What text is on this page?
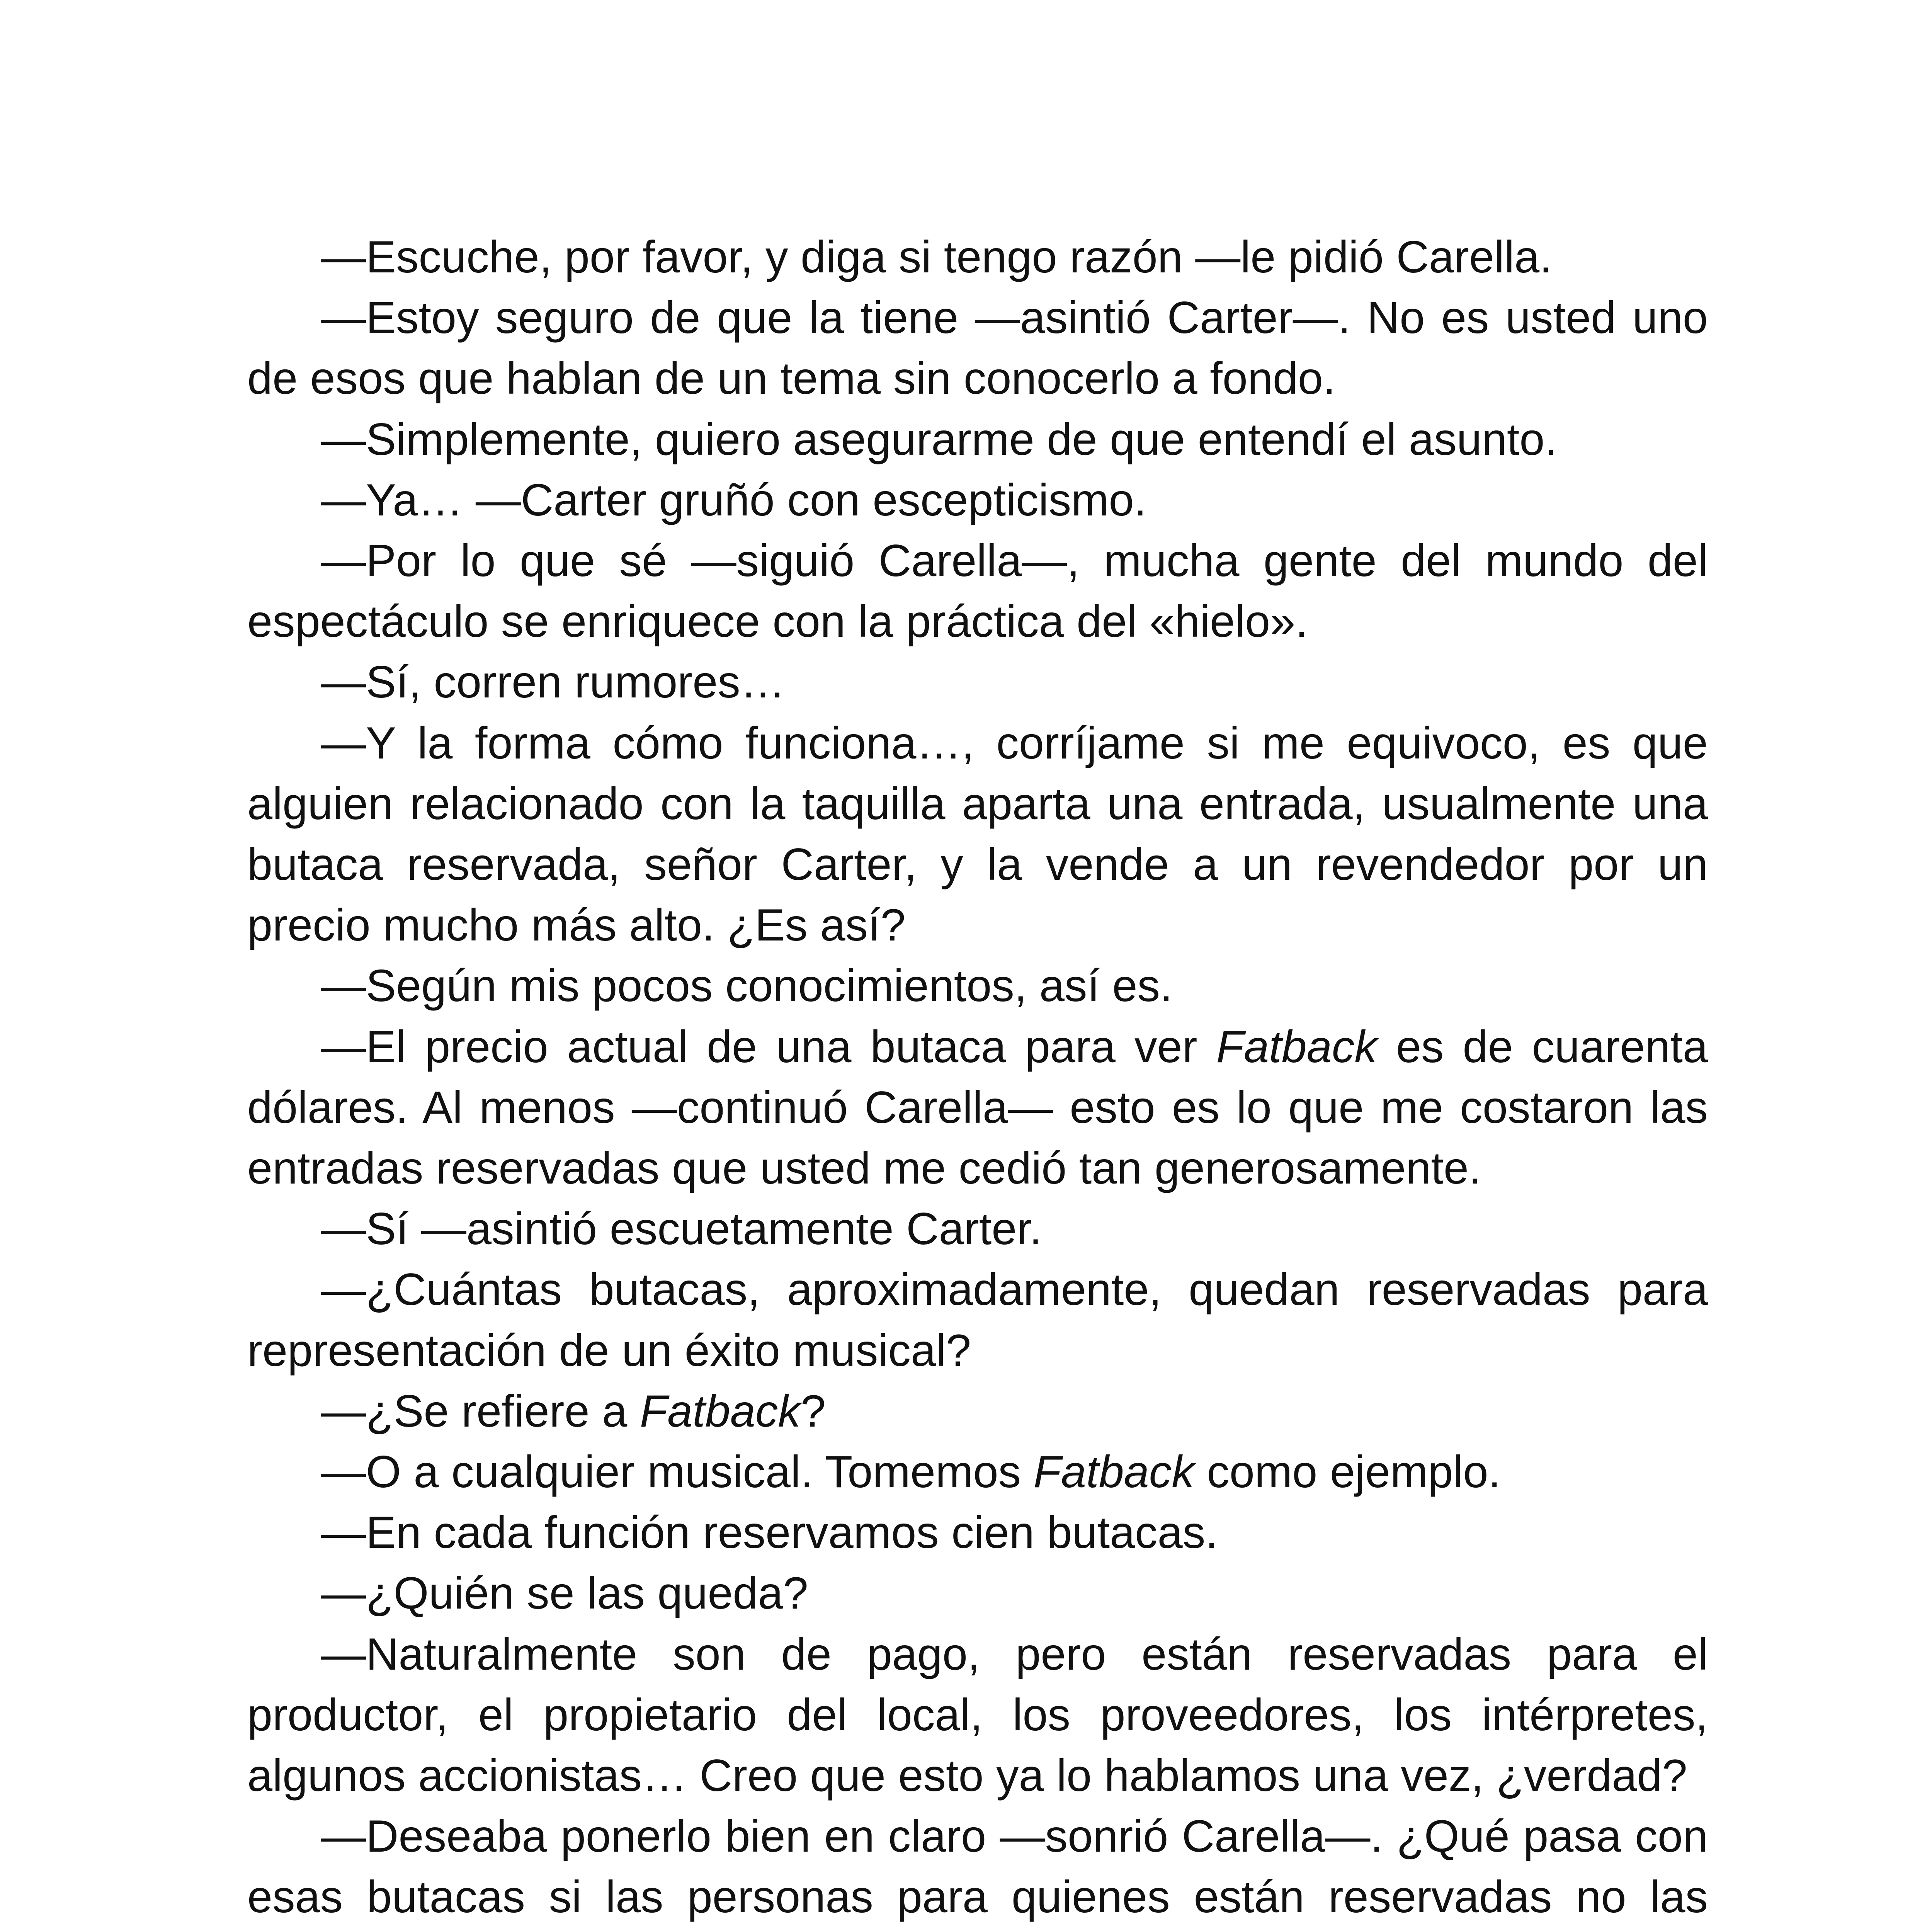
—Escuche, por favor, y diga si tengo razón —le pidió Carella.

—Estoy seguro de que la tiene —asintió Carter—. No es usted uno de esos que hablan de un tema sin conocerlo a fondo.

—Simplemente, quiero asegurarme de que entendí el asunto.

—Ya… —Carter gruñó con escepticismo.

—Por lo que sé —siguió Carella—, mucha gente del mundo del espectáculo se enriquece con la práctica del «hielo».

—Sí, corren rumores…

—Y la forma cómo funciona…, corríjame si me equivoco, es que alguien relacionado con la taquilla aparta una entrada, usualmente una butaca reservada, señor Carter, y la vende a un revendedor por un precio mucho más alto. ¿Es así?

—Según mis pocos conocimientos, así es.

—El precio actual de una butaca para ver Fatback es de cuarenta dólares. Al menos —continuó Carella— esto es lo que me costaron las entradas reservadas que usted me cedió tan generosamente.

—Sí —asintió escuetamente Carter.

—¿Cuántas butacas, aproximadamente, quedan reservadas para representación de un éxito musical?

—¿Se refiere a Fatback?

—O a cualquier musical. Tomemos Fatback como ejemplo.

—En cada función reservamos cien butacas.

—¿Quién se las queda?

—Naturalmente son de pago, pero están reservadas para el productor, el propietario del local, los proveedores, los intérpretes, algunos accionistas… Creo que esto ya lo hablamos una vez, ¿verdad?

—Deseaba ponerlo bien en claro —sonrió Carella—. ¿Qué pasa con esas butacas si las personas para quienes están reservadas no las
